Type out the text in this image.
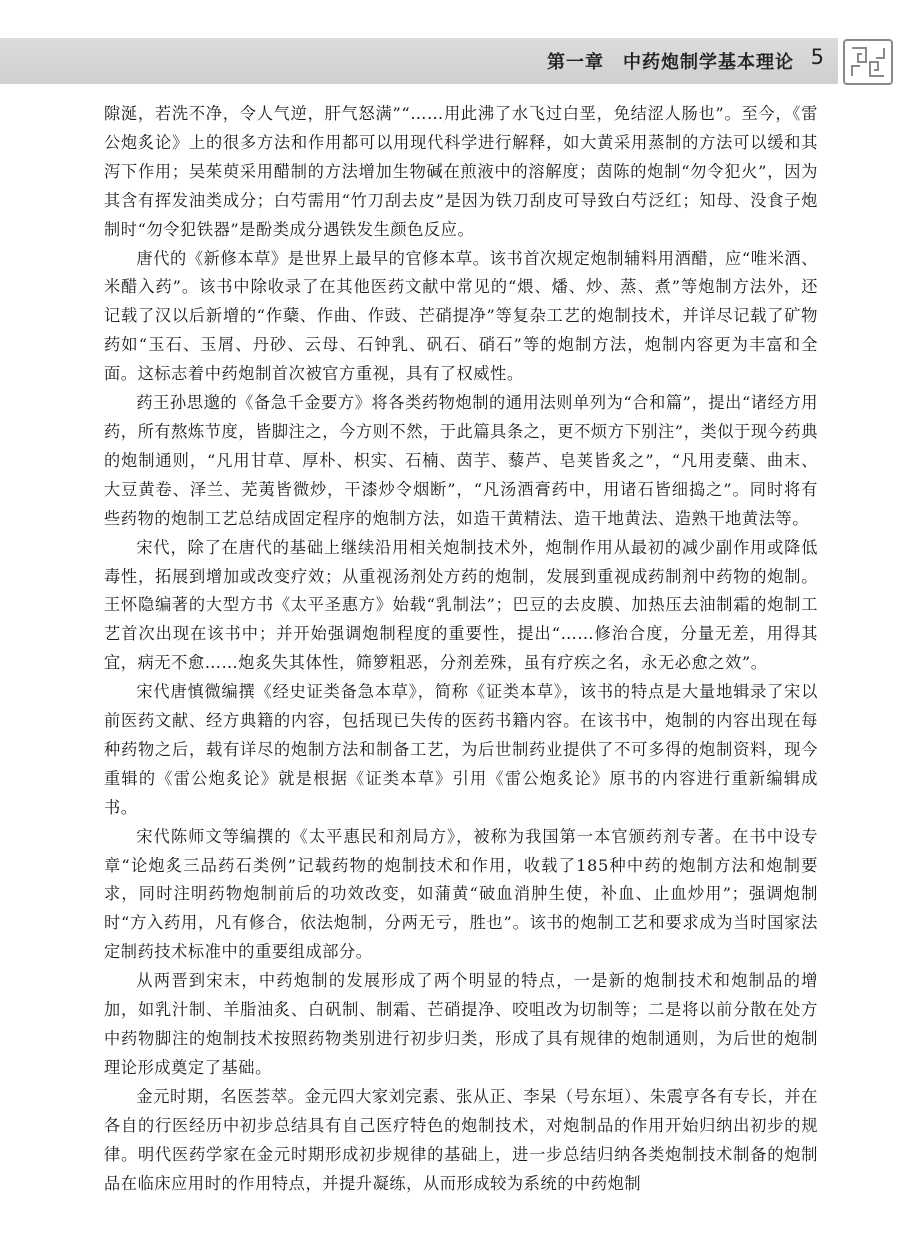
第一章　中药炮制学基本理论 5

隙涎，若洗不净，令人气逆，肝气怒满”“……用此沸了水飞过白垩，免结涩人肠也”。至今，《雷公炮炙论》上的很多方法和作用都可以用现代科学进行解释，如大黄采用蒸制的方法可以缓和其泻下作用；吴茱萸采用醋制的方法增加生物碱在煎液中的溶解度；茵陈的炮制“勿令犯火”，因为其含有挥发油类成分；白芍需用“竹刀刮去皮”是因为铁刀刮皮可导致白芍泛红；知母、没食子炮制时“勿令犯铁器”是酚类成分遇铁发生颜色反应。

唐代的《新修本草》是世界上最早的官修本草。该书首次规定炮制辅料用酒醋，应“唯米酒、米醋入药”。该书中除收录了在其他医药文献中常见的“煨、燔、炒、蒸、煮”等炮制方法外，还记载了汉以后新增的“作蘖、作曲、作豉、芒硝提净”等复杂工艺的炮制技术，并详尽记载了矿物药如“玉石、玉屑、丹砂、云母、石钟乳、矾石、硝石”等的炮制方法，炮制内容更为丰富和全面。这标志着中药炮制首次被官方重视，具有了权威性。

药王孙思邈的《备急千金要方》将各类药物炮制的通用法则单列为“合和篇”，提出“诸经方用药，所有熬炼节度，皆脚注之，今方则不然，于此篇具条之，更不烦方下别注”，类似于现今药典的炮制通则，“凡用甘草、厚朴、枳实、石楠、茵芋、藜芦、皂荚皆炙之”，“凡用麦蘖、曲末、大豆黄卷、泽兰、芜荑皆微炒，干漆炒令烟断”，“凡汤酒膏药中，用诸石皆细捣之”。同时将有些药物的炮制工艺总结成固定程序的炮制方法，如造干黄精法、造干地黄法、造熟干地黄法等。

宋代，除了在唐代的基础上继续沿用相关炮制技术外，炮制作用从最初的减少副作用或降低毒性，拓展到增加或改变疗效；从重视汤剂处方药的炮制，发展到重视成药制剂中药物的炮制。王怀隐编著的大型方书《太平圣惠方》始载“乳制法”；巴豆的去皮膜、加热压去油制霜的炮制工艺首次出现在该书中；并开始强调炮制程度的重要性，提出“……修治合度，分量无差，用得其宜，病无不愈……炮炙失其体性，筛箩粗恶，分剂差殊，虽有疗疾之名，永无必愈之效”。

宋代唐慎微编撰《经史证类备急本草》，简称《证类本草》，该书的特点是大量地辑录了宋以前医药文献、经方典籍的内容，包括现已失传的医药书籍内容。在该书中，炮制的内容出现在每种药物之后，载有详尽的炮制方法和制备工艺，为后世制药业提供了不可多得的炮制资料，现今重辑的《雷公炮炙论》就是根据《证类本草》引用《雷公炮炙论》原书的内容进行重新编辑成书。

宋代陈师文等编撰的《太平惠民和剂局方》，被称为我国第一本官颁药剂专著。在书中设专章“论炮炙三品药石类例”记载药物的炮制技术和作用，收载了185种中药的炮制方法和炮制要求，同时注明药物炮制前后的功效改变，如蒲黄“破血消肿生使，补血、止血炒用”；强调炮制时“方入药用，凡有修合，依法炮制，分两无亏，胜也”。该书的炮制工艺和要求成为当时国家法定制药技术标准中的重要组成部分。

从两晋到宋末，中药炮制的发展形成了两个明显的特点，一是新的炮制技术和炮制品的增加，如乳汁制、羊脂油炙、白矾制、制霜、芒硝提净、咬咀改为切制等；二是将以前分散在处方中药物脚注的炮制技术按照药物类别进行初步归类，形成了具有规律的炮制通则，为后世的炮制理论形成奠定了基础。

金元时期，名医荟萃。金元四大家刘完素、张从正、李杲（号东垣）、朱震亨各有专长，并在各自的行医经历中初步总结具有自己医疗特色的炮制技术，对炮制品的作用开始归纳出初步的规律。明代医药学家在金元时期形成初步规律的基础上，进一步总结归纳各类炮制技术制备的炮制品在临床应用时的作用特点，并提升凝练，从而形成较为系统的中药炮制
